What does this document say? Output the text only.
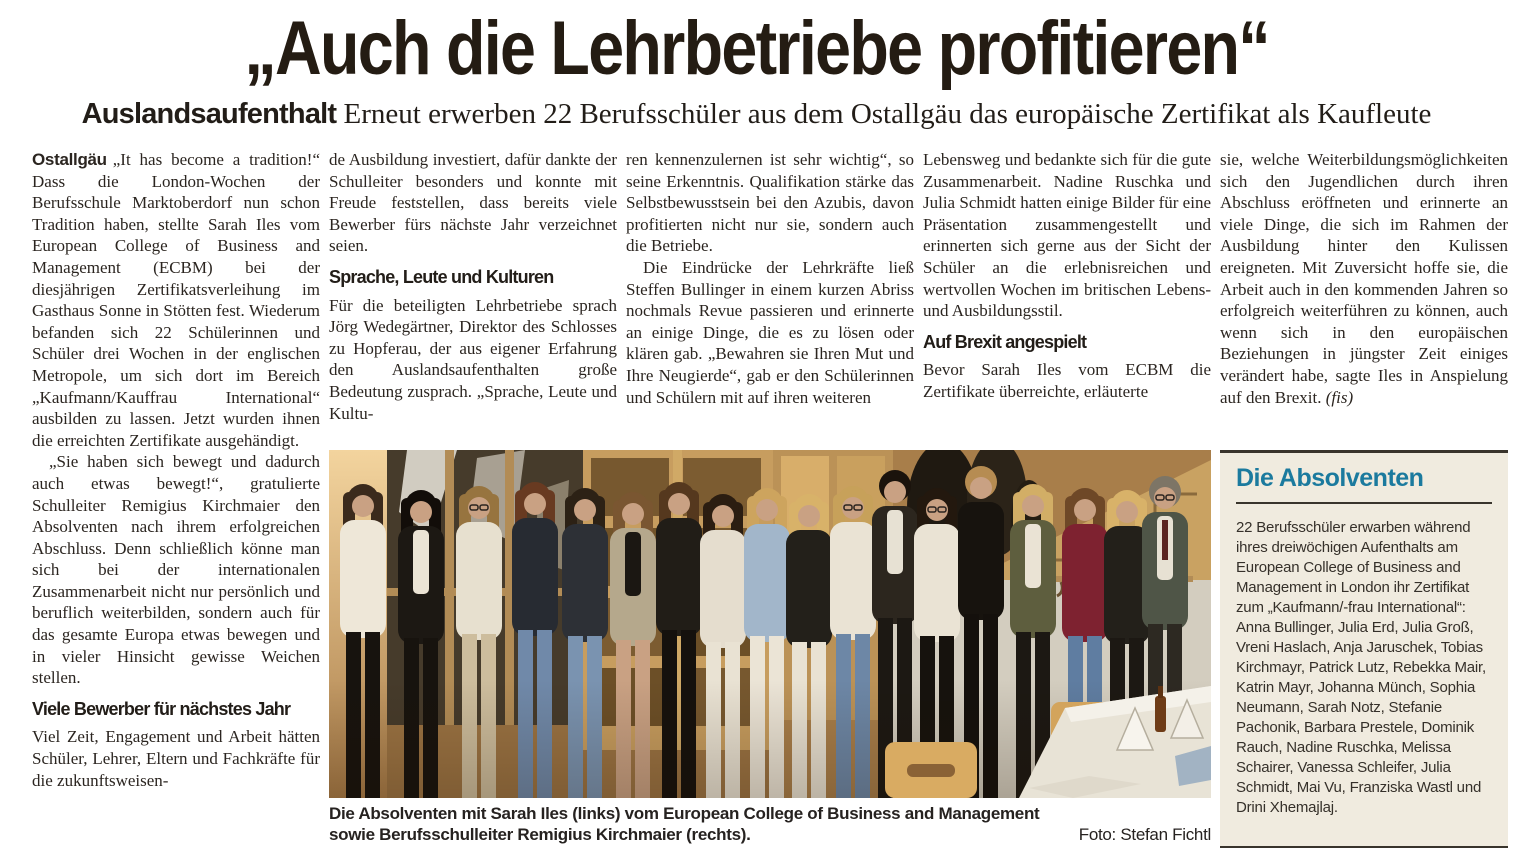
„Auch die Lehrbetriebe profitieren“
Auslandsaufenthalt Erneut erwerben 22 Berufsschüler aus dem Ostallgäu das europäische Zertifikat als Kaufleute

Ostallgäu „It has become a tradition!“ Dass die London-Wochen der Berufsschule Marktoberdorf nun schon Tradition haben, stellte Sarah Iles vom European College of Business and Management (ECBM) bei der diesjährigen Zertifikatsverleihung im Gasthaus Sonne in Stötten fest. Wiederum befanden sich 22 Schülerinnen und Schüler drei Wochen in der englischen Metropole, um sich dort im Bereich „Kaufmann/Kauffrau International“ ausbilden zu lassen. Jetzt wurden ihnen die erreichten Zertifikate ausgehändigt.

„Sie haben sich bewegt und dadurch auch etwas bewegt!“, gratulierte Schulleiter Remigius Kirchmaier den Absolventen nach ihrem erfolgreichen Abschluss. Denn schließlich könne man sich bei der internationalen Zusammenarbeit nicht nur persönlich und beruflich weiterbilden, sondern auch für das gesamte Europa etwas bewegen und in vieler Hinsicht gewisse Weichen stellen.

Viele Bewerber für nächstes Jahr

Viel Zeit, Engagement und Arbeit hätten Schüler, Lehrer, Eltern und Fachkräfte für die zukunftsweisen-

de Ausbildung investiert, dafür dankte der Schulleiter besonders und konnte mit Freude feststellen, dass bereits viele Bewerber fürs nächste Jahr verzeichnet seien.

Sprache, Leute und Kulturen

Für die beteiligten Lehrbetriebe sprach Jörg Wedegärtner, Direktor des Schlosses zu Hopferau, der aus eigener Erfahrung den Auslandsaufenthalten große Bedeutung zusprach. „Sprache, Leute und Kultu-

ren kennenzulernen ist sehr wichtig“, so seine Erkenntnis. Qualifikation stärke das Selbstbewusstsein bei den Azubis, davon profitierten nicht nur sie, sondern auch die Betriebe.

Die Eindrücke der Lehrkräfte ließ Steffen Bullinger in einem kurzen Abriss nochmals Revue passieren und erinnerte an einige Dinge, die es zu lösen oder klären gab. „Bewahren sie Ihren Mut und Ihre Neugierde“, gab er den Schülerinnen und Schülern mit auf ihren weiteren

Lebensweg und bedankte sich für die gute Zusammenarbeit. Nadine Ruschka und Julia Schmidt hatten einige Bilder für eine Präsentation zusammengestellt und erinnerten sich gerne aus der Sicht der Schüler an die erlebnisreichen und wertvollen Wochen im britischen Lebens- und Ausbildungsstil.

Auf Brexit angespielt

Bevor Sarah Iles vom ECBM die Zertifikate überreichte, erläuterte

sie, welche Weiterbildungsmöglichkeiten sich den Jugendlichen durch ihren Abschluss eröffneten und erinnerte an viele Dinge, die sich im Rahmen der Ausbildung hinter den Kulissen ereigneten. Mit Zuversicht hoffe sie, die Arbeit auch in den kommenden Jahren so erfolgreich weiterführen zu können, auch wenn sich in den europäischen Beziehungen in jüngster Zeit einiges verändert habe, sagte Iles in Anspielung auf den Brexit. (fis)

Foto: Stefan Fichtl
Die Absolventen mit Sarah Iles (links) vom European College of Business and Management sowie Berufsschulleiter Remigius Kirchmaier (rechts).
Die Absolventen
22 Berufsschüler erwarben während ihres dreiwöchigen Aufenthalts am European College of Business and Management in London ihr Zertifikat zum „Kaufmann/-frau International“: Anna Bullinger, Julia Erd, Julia Groß, Vreni Haslach, Anja Jaruschek, Tobias Kirchmayr, Patrick Lutz, Rebekka Mair, Katrin Mayr, Johanna Münch, Sophia Neumann, Sarah Notz, Stefanie Pachonik, Barbara Prestele, Dominik Rauch, Nadine Ruschka, Melissa Schairer, Vanessa Schleifer, Julia Schmidt, Mai Vu, Franziska Wastl und Drini Xhemajlaj.
